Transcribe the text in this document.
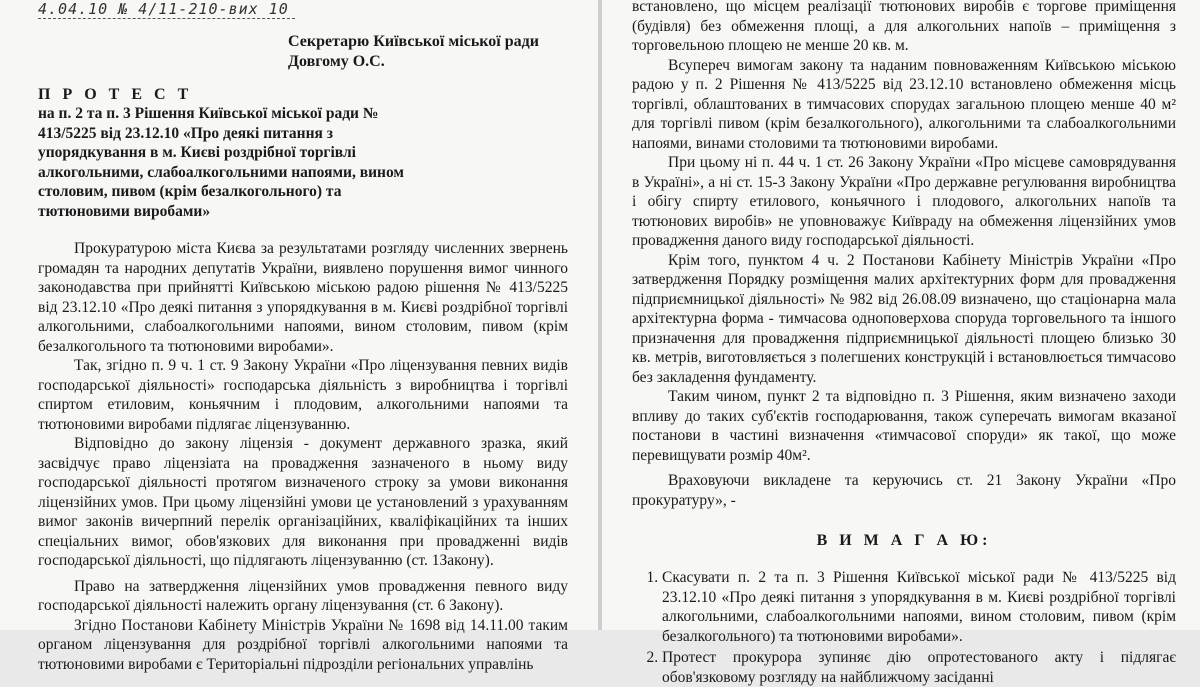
4.04.10 № 4/11-210-вих 10
Секретарю Київської міської ради
Довгому О.С.
П Р О Т Е С Т
на п. 2 та п. 3 Рішення Київської міської ради № 413/5225 від 23.12.10 «Про деякі питання з упорядкування в м. Києві роздрібної торгівлі алкогольними, слабоалкогольними напоями, вином столовим, пивом (крім безалкогольного) та тютюновими виробами»

Прокуратурою міста Києва за результатами розгляду численних звернень громадян та народних депутатів України, виявлено порушення вимог чинного законодавства при прийнятті Київською міською радою рішення № 413/5225 від 23.12.10 «Про деякі питання з упорядкування в м. Києві роздрібної торгівлі алкогольними, слабоалкогольними напоями, вином столовим, пивом (крім безалкогольного та тютюновими виробами».

Так, згідно п. 9 ч. 1 ст. 9 Закону України «Про ліцензування певних видів господарської діяльності» господарська діяльність з виробництва і торгівлі спиртом етиловим, коньячним і плодовим, алкогольними напоями та тютюновими виробами підлягає ліцензуванню.

Відповідно до закону ліцензія - документ державного зразка, який засвідчує право ліцензіата на провадження зазначеного в ньому виду господарської діяльності протягом визначеного строку за умови виконання ліцензійних умов. При цьому ліцензійні умови це установлений з урахуванням вимог законів вичерпний перелік організаційних, кваліфікаційних та інших спеціальних вимог, обов'язкових для виконання при провадженні видів господарської діяльності, що підлягають ліцензуванню (ст. 1Закону).

Право на затвердження ліцензійних умов провадження певного виду господарської діяльності належить органу ліцензування (ст. 6 Закону).

Згідно Постанови Кабінету Міністрів України № 1698 від 14.11.00 таким органом ліцензування для роздрібної торгівлі алкогольними напоями та тютюновими виробами є Територіальні підрозділи регіональних управлінь

встановлено, що місцем реалізації тютюнових виробів є торгове приміщення (будівля) без обмеження площі, а для алкогольних напоїв – приміщення з торговельною площею не менше 20 кв. м.

Всупереч вимогам закону та наданим повноваженням Київською міською радою у п. 2 Рішення № 413/5225 від 23.12.10 встановлено обмеження місць торгівлі, облаштованих в тимчасових спорудах загальною площею менше 40 м² для торгівлі пивом (крім безалкогольного), алкогольними та слабоалкогольними напоями, винами столовими та тютюновими виробами.

При цьому ні п. 44 ч. 1 ст. 26 Закону України «Про місцеве самоврядування в Україні», а ні ст. 15-3 Закону України «Про державне регулювання виробництва і обігу спирту етилового, коньячного і плодового, алкогольних напоїв та тютюнових виробів» не уповноважує Київраду на обмеження ліцензійних умов провадження даного виду господарської діяльності.

Крім того, пунктом 4 ч. 2 Постанови Кабінету Міністрів України «Про затвердження Порядку розміщення малих архітектурних форм для провадження підприємницької діяльності» № 982 від 26.08.09 визначено, що стаціонарна мала архітектурна форма - тимчасова одноповерхова споруда торговельного та іншого призначення для провадження підприємницької діяльності площею близько 30 кв. метрів, виготовляється з полегшених конструкцій і встановлюється тимчасово без закладення фундаменту.

Таким чином, пункт 2 та відповідно п. 3 Рішення, яким визначено заходи впливу до таких суб'єктів господарювання, також суперечать вимогам вказаної постанови в частині визначення «тимчасової споруди» як такої, що може перевищувати розмір 40м².

Враховуючи викладене та керуючись ст. 21 Закону України «Про прокуратуру», -

В И М А Г А Ю:
1. Скасувати п. 2 та п. 3 Рішення Київської міської ради № 413/5225 від 23.12.10 «Про деякі питання з упорядкування в м. Києві роздрібної торгівлі алкогольними, слабоалкогольними напоями, вином столовим, пивом (крім безалкогольного) та тютюновими виробами».
2. Протест прокурора зупиняє дію опротестованого акту і підлягає обов'язковому розгляду на найближчому засіданні
